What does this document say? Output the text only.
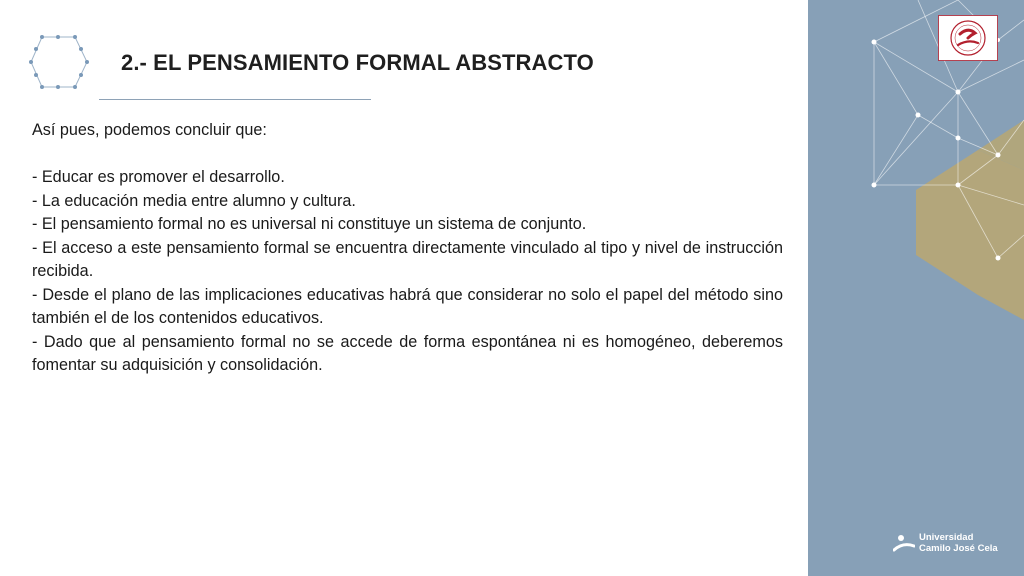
2.- EL PENSAMIENTO FORMAL ABSTRACTO

Así pues, podemos concluir que:

- Educar es promover el desarrollo.

- La educación media entre alumno y cultura.

- El pensamiento formal no es universal ni constituye un sistema de conjunto.

- El acceso a este pensamiento formal se encuentra directamente vinculado al tipo y nivel de instrucción recibida.

- Desde el plano de las implicaciones educativas habrá que considerar no solo el papel del método sino también el de los contenidos educativos.

- Dado que al pensamiento formal no se accede de forma espontánea ni es homogéneo, deberemos fomentar su adquisición y consolidación.

Universidad
Camilo José Cela
